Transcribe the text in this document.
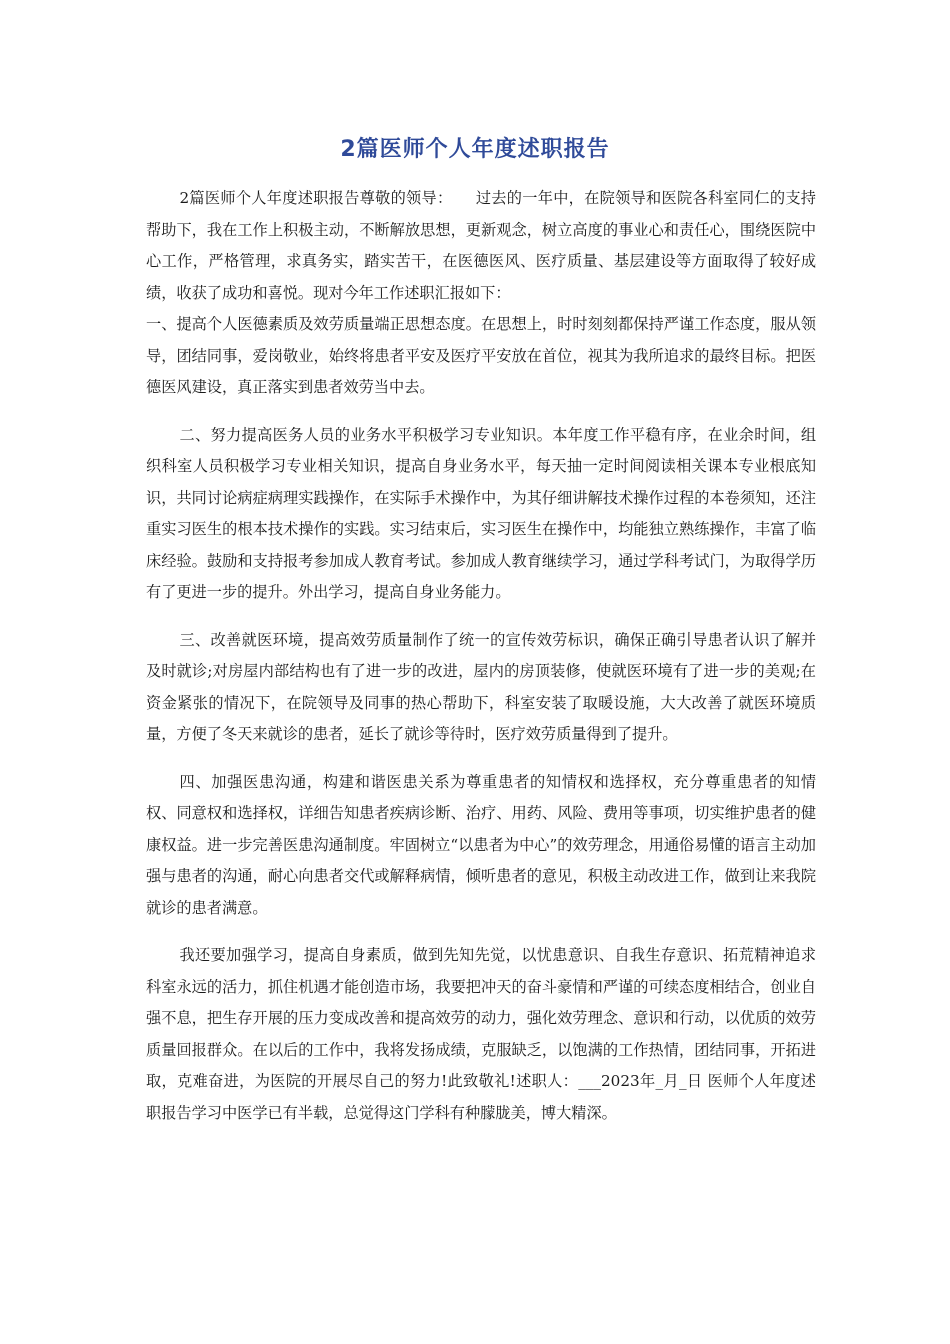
2篇医师个人年度述职报告

2篇医师个人年度述职报告尊敬的领导：　　过去的一年中，在院领导和医院各科室同仁的支持帮助下，我在工作上积极主动，不断解放思想，更新观念，树立高度的事业心和责任心，围绕医院中心工作，严格管理，求真务实，踏实苦干，在医德医风、医疗质量、基层建设等方面取得了较好成绩，收获了成功和喜悦。现对今年工作述职汇报如下：

一、提高个人医德素质及效劳质量端正思想态度。在思想上，时时刻刻都保持严谨工作态度，服从领导，团结同事，爱岗敬业，始终将患者平安及医疗平安放在首位，视其为我所追求的最终目标。把医德医风建设，真正落实到患者效劳当中去。

二、努力提高医务人员的业务水平积极学习专业知识。本年度工作平稳有序，在业余时间，组织科室人员积极学习专业相关知识，提高自身业务水平，每天抽一定时间阅读相关课本专业根底知识，共同讨论病症病理实践操作，在实际手术操作中，为其仔细讲解技术操作过程的本卷须知，还注重实习医生的根本技术操作的实践。实习结束后，实习医生在操作中，均能独立熟练操作，丰富了临床经验。鼓励和支持报考参加成人教育考试。参加成人教育继续学习，通过学科考试门，为取得学历有了更进一步的提升。外出学习，提高自身业务能力。

三、改善就医环境，提高效劳质量制作了统一的宣传效劳标识，确保正确引导患者认识了解并及时就诊;对房屋内部结构也有了进一步的改进，屋内的房顶装修，使就医环境有了进一步的美观;在资金紧张的情况下，在院领导及同事的热心帮助下，科室安装了取暖设施，大大改善了就医环境质量，方便了冬天来就诊的患者，延长了就诊等待时，医疗效劳质量得到了提升。

四、加强医患沟通，构建和谐医患关系为尊重患者的知情权和选择权，充分尊重患者的知情权、同意权和选择权，详细告知患者疾病诊断、治疗、用药、风险、费用等事项，切实维护患者的健康权益。进一步完善医患沟通制度。牢固树立“以患者为中心”的效劳理念，用通俗易懂的语言主动加强与患者的沟通，耐心向患者交代或解释病情，倾听患者的意见，积极主动改进工作，做到让来我院就诊的患者满意。

我还要加强学习，提高自身素质，做到先知先觉，以忧患意识、自我生存意识、拓荒精神追求科室永远的活力，抓住机遇才能创造市场，我要把冲天的奋斗豪情和严谨的可续态度相结合，创业自强不息，把生存开展的压力变成改善和提高效劳的动力，强化效劳理念、意识和行动，以优质的效劳质量回报群众。在以后的工作中，我将发扬成绩，克服缺乏，以饱满的工作热情，团结同事，开拓进取，克难奋进，为医院的开展尽自己的努力!此致敬礼!述职人：___2023年_月_日 医师个人年度述职报告学习中医学已有半载，总觉得这门学科有种朦胧美，博大精深。
